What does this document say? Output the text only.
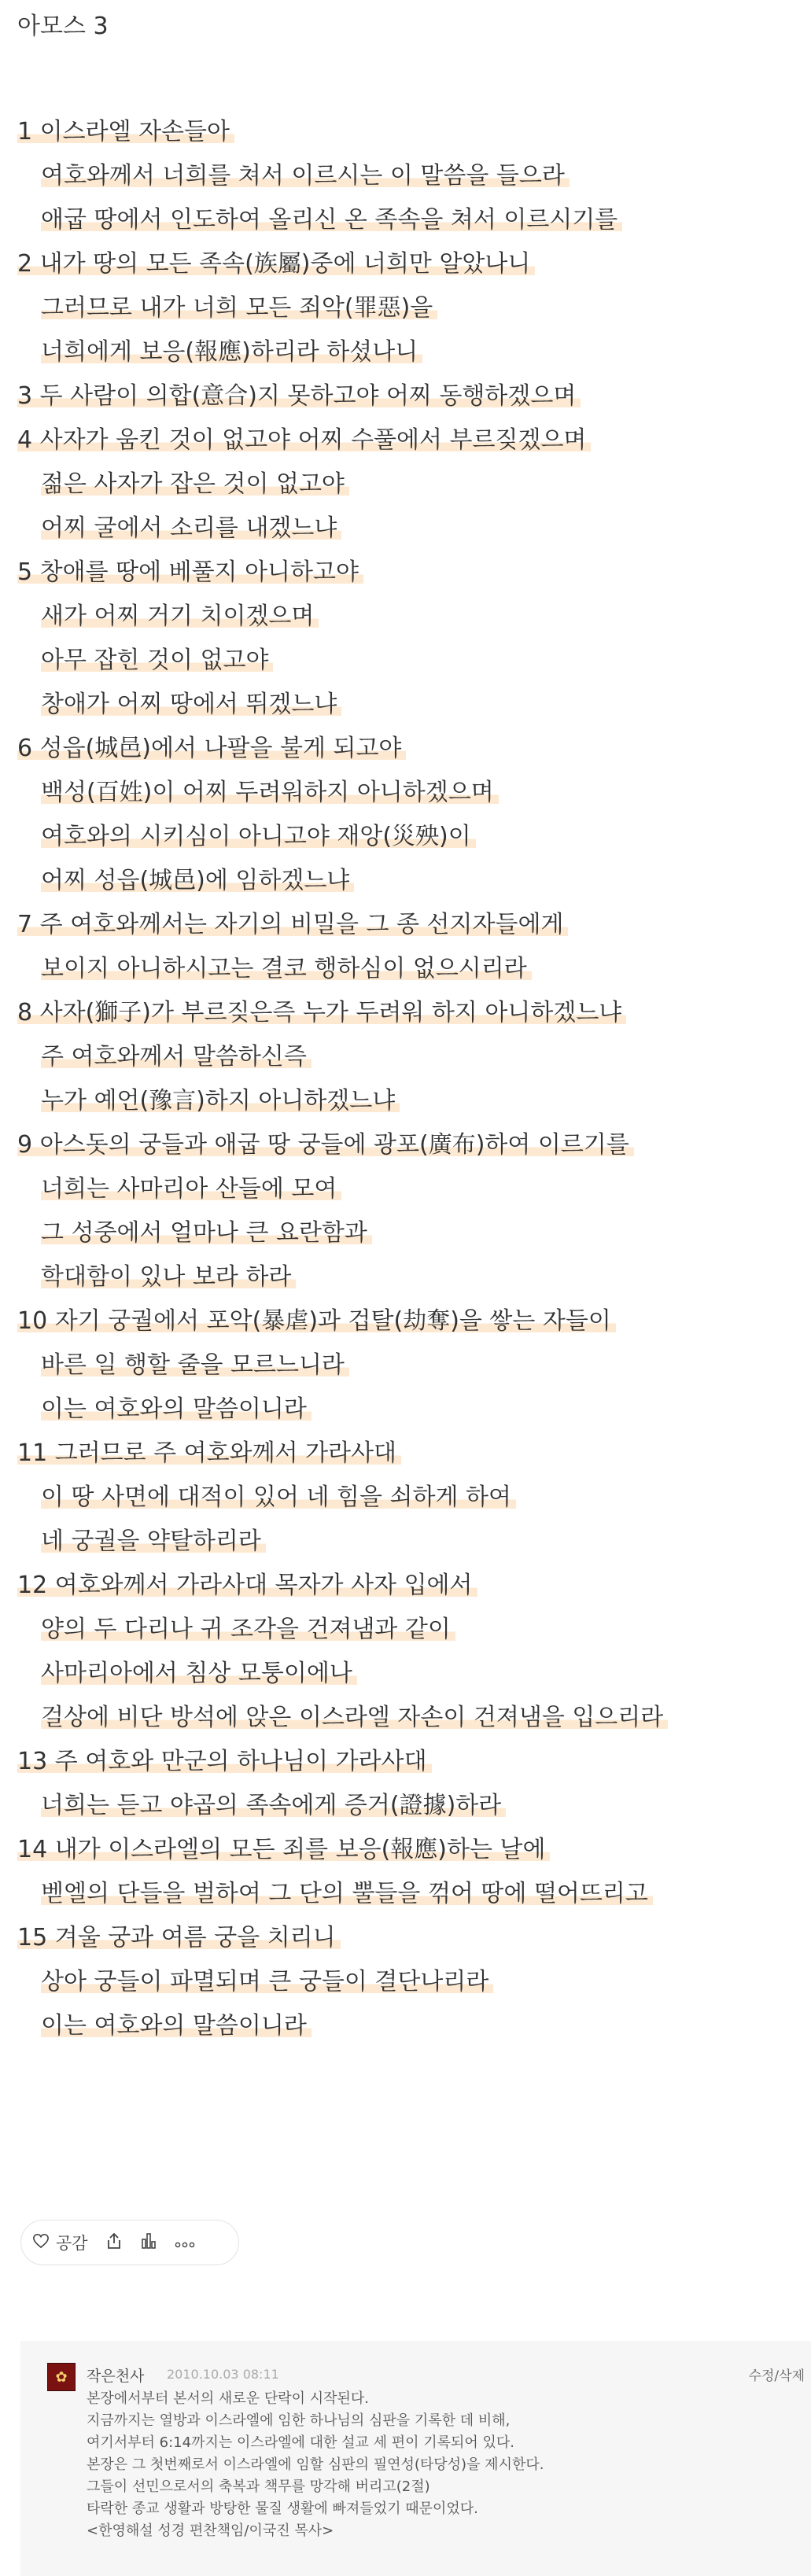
아모스 3
1 이스라엘 자손들아
여호와께서 너희를 쳐서 이르시는 이 말씀을 들으라
애굽 땅에서 인도하여 올리신 온 족속을 쳐서 이르시기를
2 내가 땅의 모든 족속(族屬)중에 너희만 알았나니
그러므로 내가 너희 모든 죄악(罪惡)을
너희에게 보응(報應)하리라 하셨나니
3 두 사람이 의합(意合)지 못하고야 어찌 동행하겠으며
4 사자가 움킨 것이 없고야 어찌 수풀에서 부르짖겠으며
젊은 사자가 잡은 것이 없고야
어찌 굴에서 소리를 내겠느냐
5 창애를 땅에 베풀지 아니하고야
새가 어찌 거기 치이겠으며
아무 잡힌 것이 없고야
창애가 어찌 땅에서 뛰겠느냐
6 성읍(城邑)에서 나팔을 불게 되고야
백성(百姓)이 어찌 두려워하지 아니하겠으며
여호와의 시키심이 아니고야 재앙(災殃)이
어찌 성읍(城邑)에 임하겠느냐
7 주 여호와께서는 자기의 비밀을 그 종 선지자들에게
보이지 아니하시고는 결코 행하심이 없으시리라
8 사자(獅子)가 부르짖은즉 누가 두려워 하지 아니하겠느냐
주 여호와께서 말씀하신즉
누가 예언(豫言)하지 아니하겠느냐
9 아스돗의 궁들과 애굽 땅 궁들에 광포(廣布)하여 이르기를
너희는 사마리아 산들에 모여
그 성중에서 얼마나 큰 요란함과
학대함이 있나 보라 하라
10 자기 궁궐에서 포악(暴虐)과 겁탈(劫奪)을 쌓는 자들이
바른 일 행할 줄을 모르느니라
이는 여호와의 말씀이니라
11 그러므로 주 여호와께서 가라사대
이 땅 사면에 대적이 있어 네 힘을 쇠하게 하여
네 궁궐을 약탈하리라
12 여호와께서 가라사대 목자가 사자 입에서
양의 두 다리나 귀 조각을 건져냄과 같이
사마리아에서 침상 모퉁이에나
걸상에 비단 방석에 앉은 이스라엘 자손이 건져냄을 입으리라
13 주 여호와 만군의 하나님이 가라사대
너희는 듣고 야곱의 족속에게 증거(證據)하라
14 내가 이스라엘의 모든 죄를 보응(報應)하는 날에
벧엘의 단들을 벌하여 그 단의 뿔들을 꺾어 땅에 떨어뜨리고
15 겨울 궁과 여름 궁을 치리니
상아 궁들이 파멸되며 큰 궁들이 결단나리라
이는 여호와의 말씀이니라
공감
✿ 작은천사 2010.10.03 08:11	수정/삭제
본장에서부터 본서의 새로운 단락이 시작된다.
지금까지는 열방과 이스라엘에 임한 하나님의 심판을 기록한 데 비해,
여기서부터 6:14까지는 이스라엘에 대한 설교 세 편이 기록되어 있다.
본장은 그 첫번째로서 이스라엘에 임할 심판의 필연성(타당성)을 제시한다.
그들이 선민으로서의 축복과 책무를 망각해 버리고(2절)
타락한 종교 생활과 방탕한 물질 생활에 빠져들었기 때문이었다.
<한영해설 성경 편찬책임/이국진 목사>
